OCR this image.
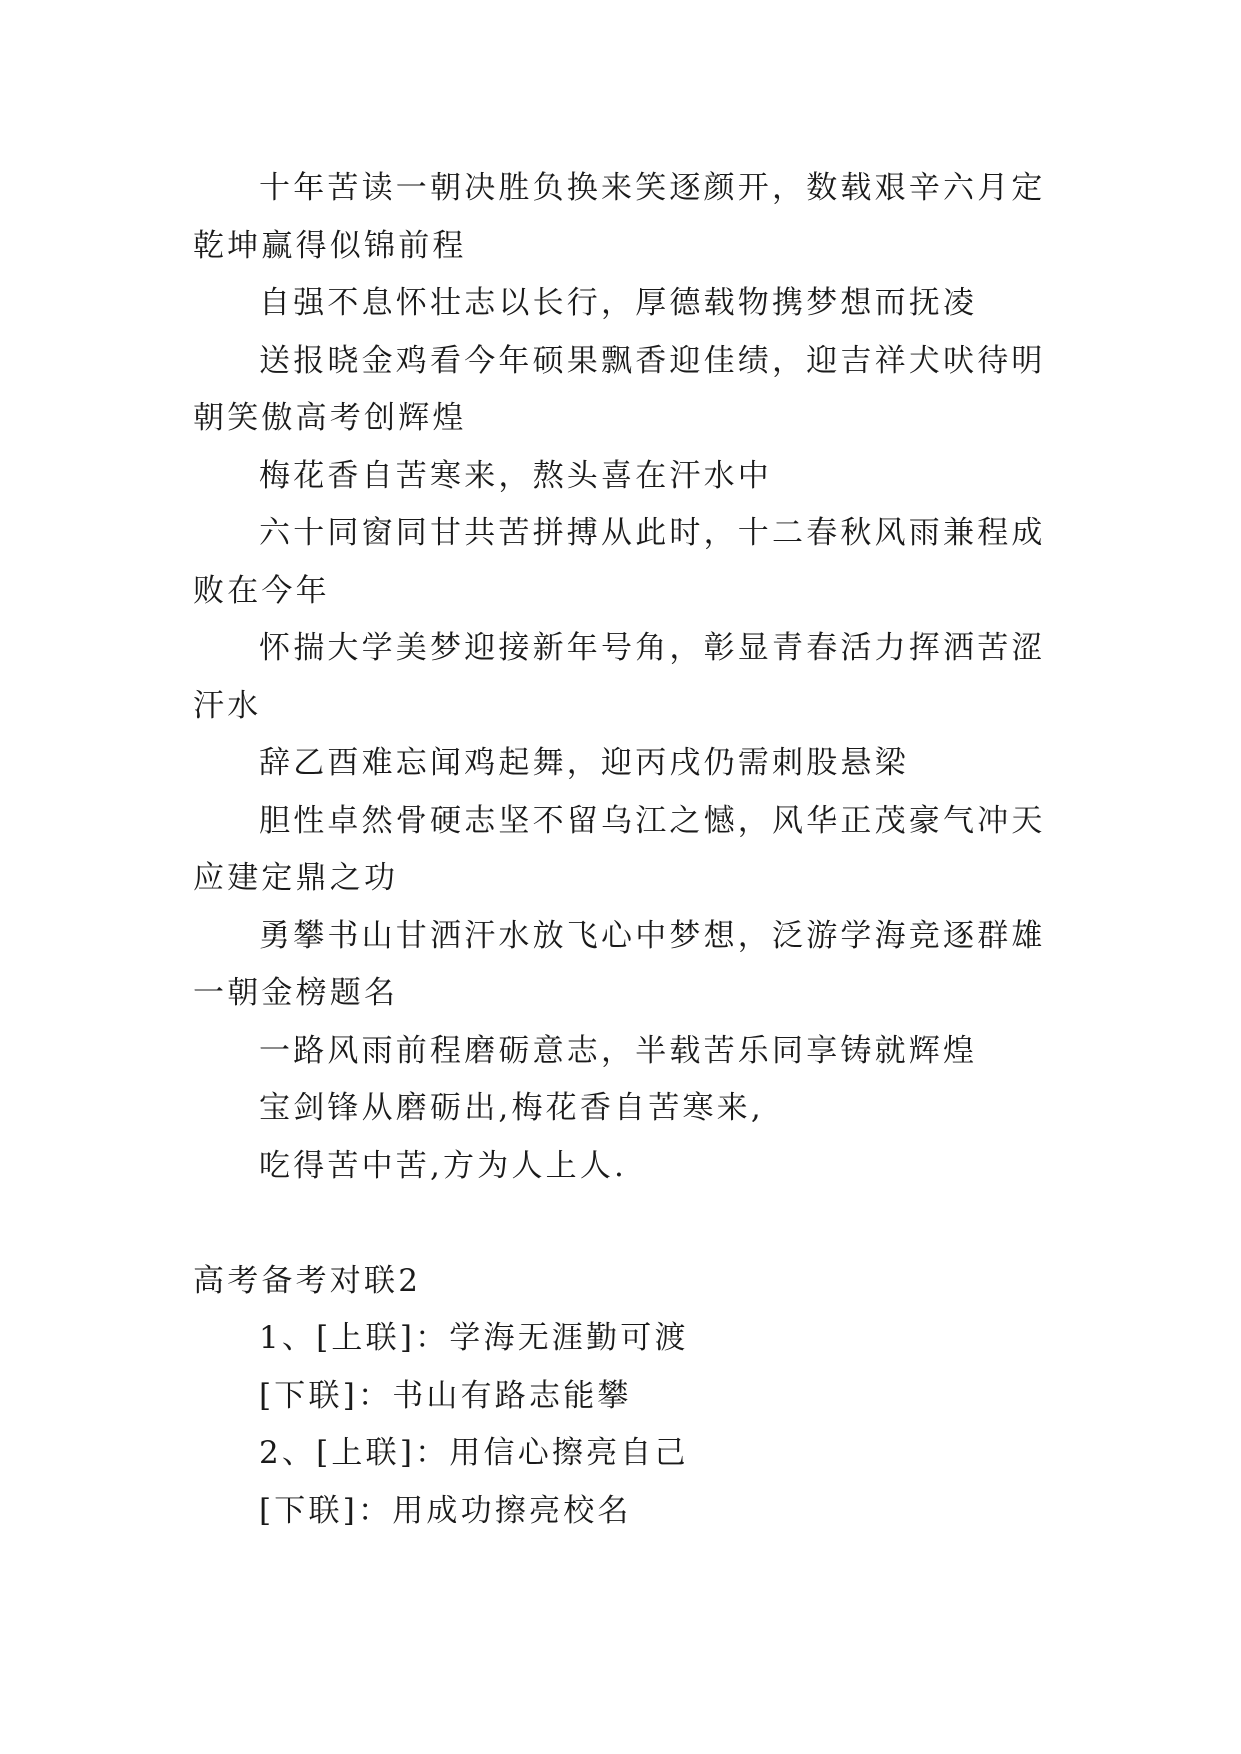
十年苦读一朝决胜负换来笑逐颜开，数载艰辛六月定乾坤赢得似锦前程

自强不息怀壮志以长行，厚德载物携梦想而抚凌

送报晓金鸡看今年硕果飘香迎佳绩，迎吉祥犬吠待明朝笑傲高考创辉煌

梅花香自苦寒来，熬头喜在汗水中

六十同窗同甘共苦拼搏从此时，十二春秋风雨兼程成败在今年

怀揣大学美梦迎接新年号角，彰显青春活力挥洒苦涩汗水

辞乙酉难忘闻鸡起舞，迎丙戌仍需刺股悬梁

胆性卓然骨硬志坚不留乌江之憾，风华正茂豪气冲天应建定鼎之功

勇攀书山甘洒汗水放飞心中梦想，泛游学海竞逐群雄一朝金榜题名

一路风雨前程磨砺意志，半载苦乐同享铸就辉煌

宝剑锋从磨砺出,梅花香自苦寒来,

吃得苦中苦,方为人上人.

高考备考对联2

1、[上联]：学海无涯勤可渡

[下联]：书山有路志能攀

2、[上联]：用信心擦亮自己

[下联]：用成功擦亮校名
